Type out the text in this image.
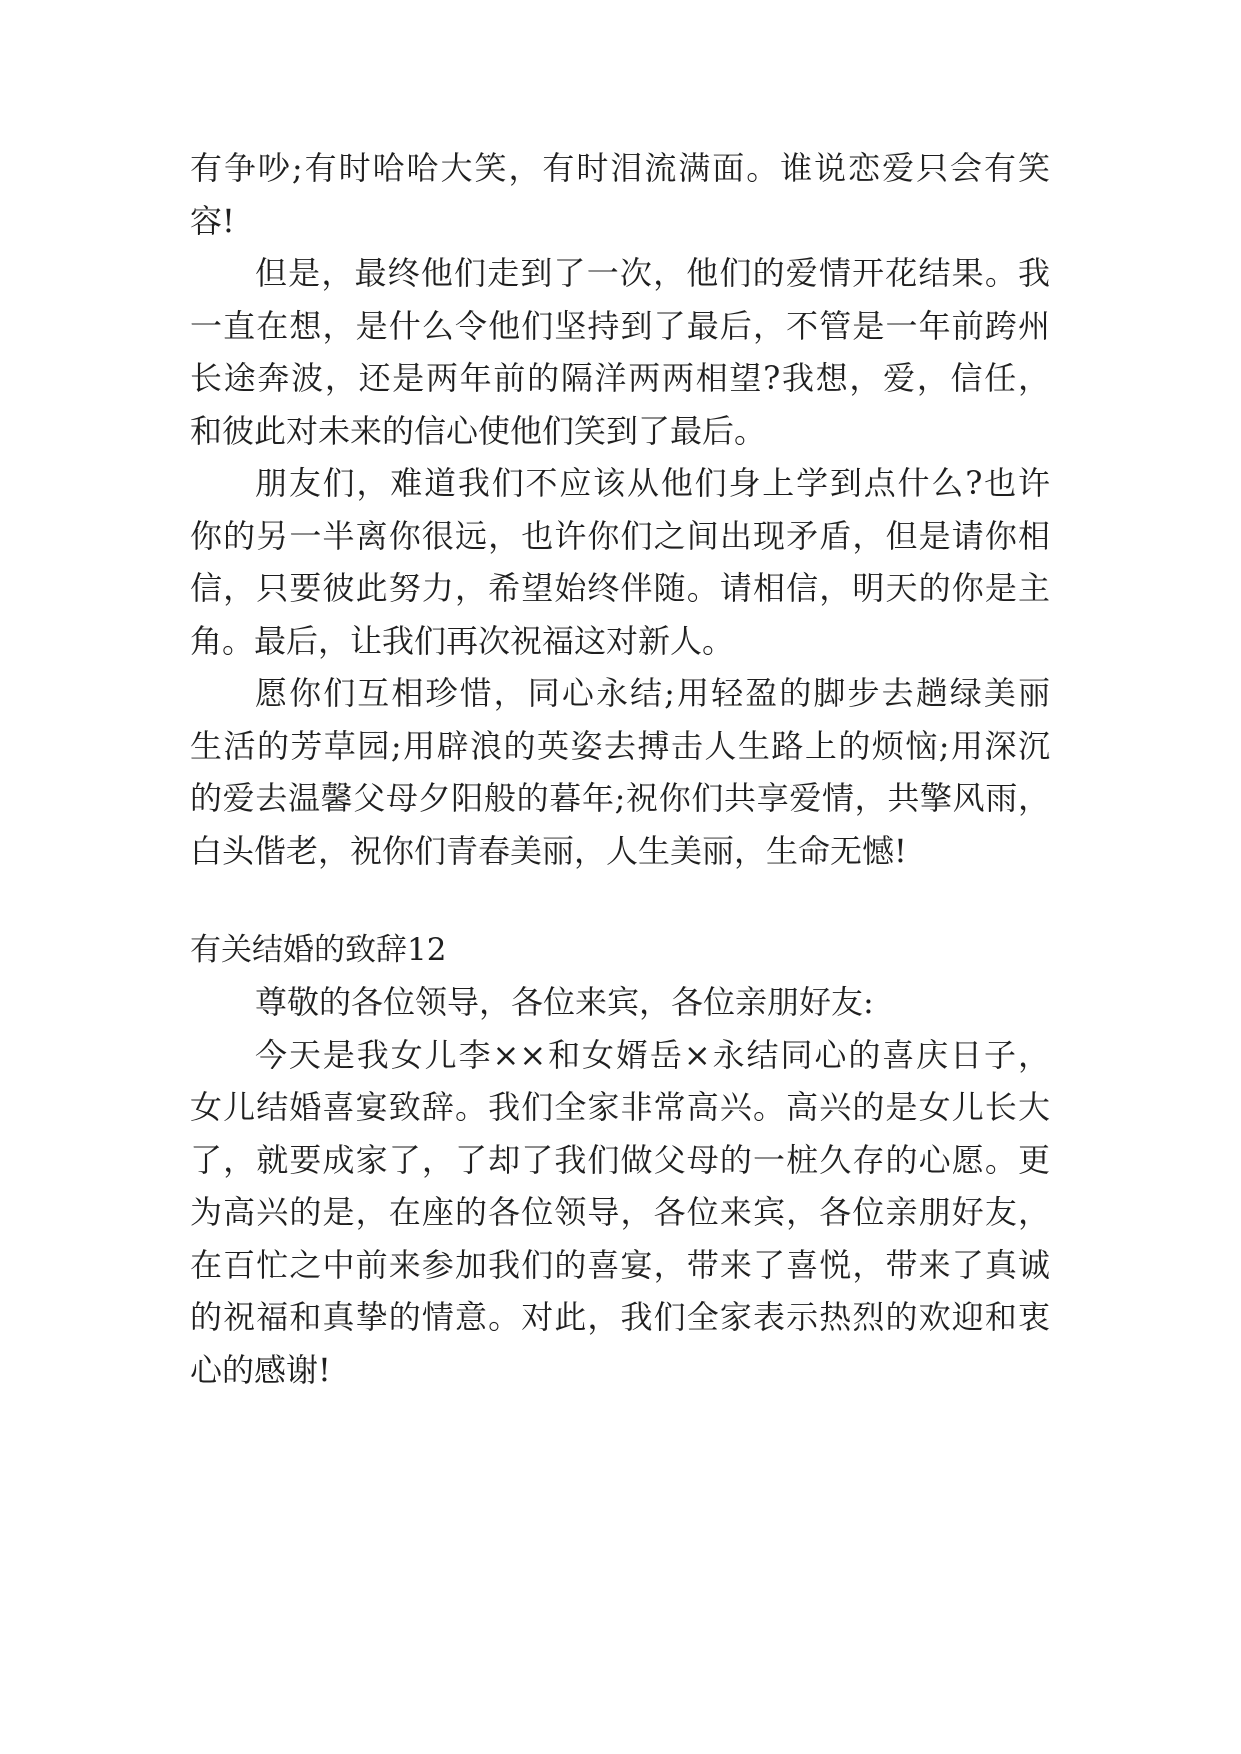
有争吵;有时哈哈大笑，有时泪流满面。谁说恋爱只会有笑

容!

但是，最终他们走到了一次，他们的爱情开花结果。我

一直在想，是什么令他们坚持到了最后，不管是一年前跨州

长途奔波，还是两年前的隔洋两两相望?我想，爱，信任，

和彼此对未来的信心使他们笑到了最后。

朋友们，难道我们不应该从他们身上学到点什么?也许

你的另一半离你很远，也许你们之间出现矛盾，但是请你相

信，只要彼此努力，希望始终伴随。请相信，明天的你是主

角。最后，让我们再次祝福这对新人。

愿你们互相珍惜，同心永结;用轻盈的脚步去趟绿美丽

生活的芳草园;用辟浪的英姿去搏击人生路上的烦恼;用深沉

的爱去温馨父母夕阳般的暮年;祝你们共享爱情，共擎风雨，

白头偕老，祝你们青春美丽，人生美丽，生命无憾!

有关结婚的致辞12

尊敬的各位领导，各位来宾，各位亲朋好友:

今天是我女儿李××和女婿岳×永结同心的喜庆日子，

女儿结婚喜宴致辞。我们全家非常高兴。高兴的是女儿长大

了，就要成家了，了却了我们做父母的一桩久存的心愿。更

为高兴的是，在座的各位领导，各位来宾，各位亲朋好友，

在百忙之中前来参加我们的喜宴，带来了喜悦，带来了真诚

的祝福和真挚的情意。对此，我们全家表示热烈的欢迎和衷

心的感谢!
